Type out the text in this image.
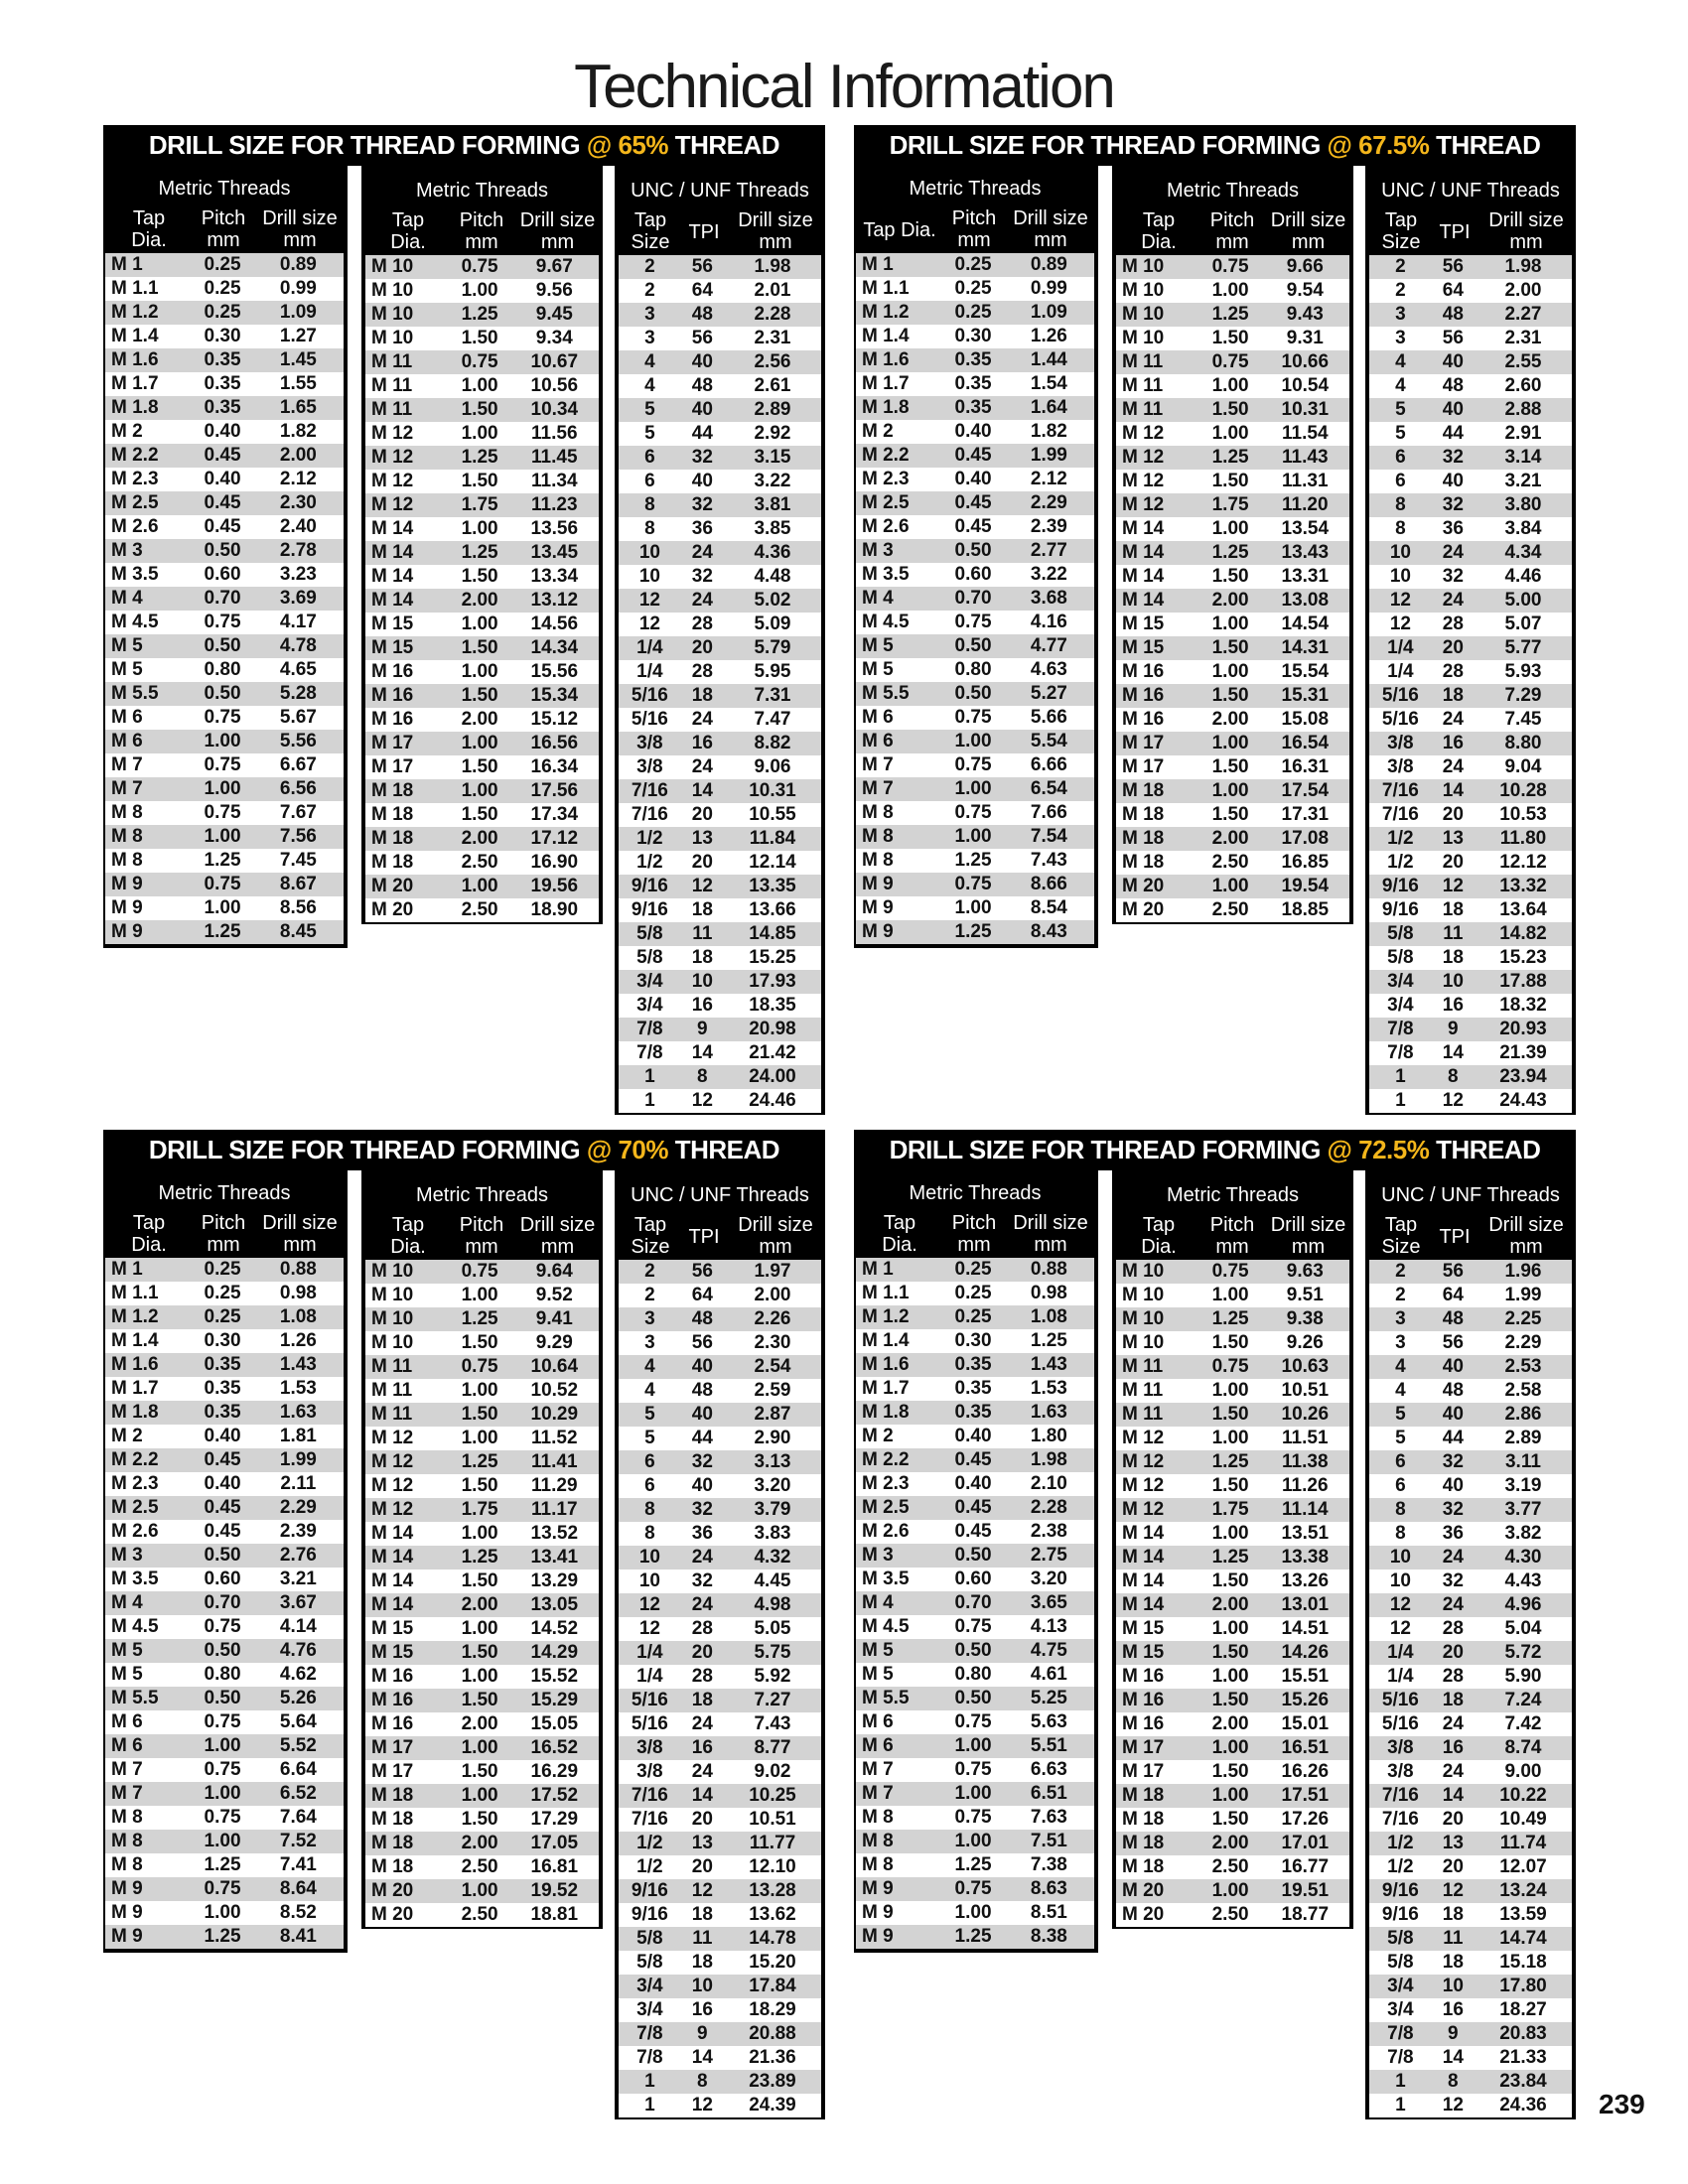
Technical Information
DRILL SIZE FOR THREAD FORMING @ 65% THREAD
Metric Threads
Tap
Dia.
Pitch
mm
Drill size
mm
M 1	0.25	0.89
M 1.1	0.25	0.99
M 1.2	0.25	1.09
M 1.4	0.30	1.27
M 1.6	0.35	1.45
M 1.7	0.35	1.55
M 1.8	0.35	1.65
M 2	0.40	1.82
M 2.2	0.45	2.00
M 2.3	0.40	2.12
M 2.5	0.45	2.30
M 2.6	0.45	2.40
M 3	0.50	2.78
M 3.5	0.60	3.23
M 4	0.70	3.69
M 4.5	0.75	4.17
M 5	0.50	4.78
M 5	0.80	4.65
M 5.5	0.50	5.28
M 6	0.75	5.67
M 6	1.00	5.56
M 7	0.75	6.67
M 7	1.00	6.56
M 8	0.75	7.67
M 8	1.00	7.56
M 8	1.25	7.45
M 9	0.75	8.67
M 9	1.00	8.56
M 9	1.25	8.45
Metric Threads
Tap
Dia.
Pitch
mm
Drill size
mm
M 10	0.75	9.67
M 10	1.00	9.56
M 10	1.25	9.45
M 10	1.50	9.34
M 11	0.75	10.67
M 11	1.00	10.56
M 11	1.50	10.34
M 12	1.00	11.56
M 12	1.25	11.45
M 12	1.50	11.34
M 12	1.75	11.23
M 14	1.00	13.56
M 14	1.25	13.45
M 14	1.50	13.34
M 14	2.00	13.12
M 15	1.00	14.56
M 15	1.50	14.34
M 16	1.00	15.56
M 16	1.50	15.34
M 16	2.00	15.12
M 17	1.00	16.56
M 17	1.50	16.34
M 18	1.00	17.56
M 18	1.50	17.34
M 18	2.00	17.12
M 18	2.50	16.90
M 20	1.00	19.56
M 20	2.50	18.90
UNC / UNF Threads
Tap
Size TPI
Drill size
mm
2	56	1.98
2	64	2.01
3	48	2.28
3	56	2.31
4	40	2.56
4	48	2.61
5	40	2.89
5	44	2.92
6	32	3.15
6	40	3.22
8	32	3.81
8	36	3.85
10	24	4.36
10	32	4.48
12	24	5.02
12	28	5.09
1/4	20	5.79
1/4	28	5.95
5/16	18	7.31
5/16	24	7.47
3/8	16	8.82
3/8	24	9.06
7/16	14	10.31
7/16	20	10.55
1/2	13	11.84
1/2	20	12.14
9/16	12	13.35
9/16	18	13.66
5/8	11	14.85
5/8	18	15.25
3/4	10	17.93
3/4	16	18.35
7/8	9	20.98
7/8	14	21.42
1	8	24.00
1	12	24.46
DRILL SIZE FOR THREAD FORMING @ 67.5% THREAD
Metric Threads
Tap Dia.
Pitch
mm
Drill size
mm
M 1	0.25	0.89
M 1.1	0.25	0.99
M 1.2	0.25	1.09
M 1.4	0.30	1.26
M 1.6	0.35	1.44
M 1.7	0.35	1.54
M 1.8	0.35	1.64
M 2	0.40	1.82
M 2.2	0.45	1.99
M 2.3	0.40	2.12
M 2.5	0.45	2.29
M 2.6	0.45	2.39
M 3	0.50	2.77
M 3.5	0.60	3.22
M 4	0.70	3.68
M 4.5	0.75	4.16
M 5	0.50	4.77
M 5	0.80	4.63
M 5.5	0.50	5.27
M 6	0.75	5.66
M 6	1.00	5.54
M 7	0.75	6.66
M 7	1.00	6.54
M 8	0.75	7.66
M 8	1.00	7.54
M 8	1.25	7.43
M 9	0.75	8.66
M 9	1.00	8.54
M 9	1.25	8.43
Metric Threads
Tap
Dia.
Pitch
mm
Drill size
mm
M 10	0.75	9.66
M 10	1.00	9.54
M 10	1.25	9.43
M 10	1.50	9.31
M 11	0.75	10.66
M 11	1.00	10.54
M 11	1.50	10.31
M 12	1.00	11.54
M 12	1.25	11.43
M 12	1.50	11.31
M 12	1.75	11.20
M 14	1.00	13.54
M 14	1.25	13.43
M 14	1.50	13.31
M 14	2.00	13.08
M 15	1.00	14.54
M 15	1.50	14.31
M 16	1.00	15.54
M 16	1.50	15.31
M 16	2.00	15.08
M 17	1.00	16.54
M 17	1.50	16.31
M 18	1.00	17.54
M 18	1.50	17.31
M 18	2.00	17.08
M 18	2.50	16.85
M 20	1.00	19.54
M 20	2.50	18.85
UNC / UNF Threads
Tap
Size TPI
Drill size
mm
2	56	1.98
2	64	2.00
3	48	2.27
3	56	2.31
4	40	2.55
4	48	2.60
5	40	2.88
5	44	2.91
6	32	3.14
6	40	3.21
8	32	3.80
8	36	3.84
10	24	4.34
10	32	4.46
12	24	5.00
12	28	5.07
1/4	20	5.77
1/4	28	5.93
5/16	18	7.29
5/16	24	7.45
3/8	16	8.80
3/8	24	9.04
7/16	14	10.28
7/16	20	10.53
1/2	13	11.80
1/2	20	12.12
9/16	12	13.32
9/16	18	13.64
5/8	11	14.82
5/8	18	15.23
3/4	10	17.88
3/4	16	18.32
7/8	9	20.93
7/8	14	21.39
1	8	23.94
1	12	24.43
DRILL SIZE FOR THREAD FORMING @ 70% THREAD
Metric Threads
Tap
Dia.
Pitch
mm
Drill size
mm
M 1	0.25	0.88
M 1.1	0.25	0.98
M 1.2	0.25	1.08
M 1.4	0.30	1.26
M 1.6	0.35	1.43
M 1.7	0.35	1.53
M 1.8	0.35	1.63
M 2	0.40	1.81
M 2.2	0.45	1.99
M 2.3	0.40	2.11
M 2.5	0.45	2.29
M 2.6	0.45	2.39
M 3	0.50	2.76
M 3.5	0.60	3.21
M 4	0.70	3.67
M 4.5	0.75	4.14
M 5	0.50	4.76
M 5	0.80	4.62
M 5.5	0.50	5.26
M 6	0.75	5.64
M 6	1.00	5.52
M 7	0.75	6.64
M 7	1.00	6.52
M 8	0.75	7.64
M 8	1.00	7.52
M 8	1.25	7.41
M 9	0.75	8.64
M 9	1.00	8.52
M 9	1.25	8.41
Metric Threads
Tap
Dia.
Pitch
mm
Drill size
mm
M 10	0.75	9.64
M 10	1.00	9.52
M 10	1.25	9.41
M 10	1.50	9.29
M 11	0.75	10.64
M 11	1.00	10.52
M 11	1.50	10.29
M 12	1.00	11.52
M 12	1.25	11.41
M 12	1.50	11.29
M 12	1.75	11.17
M 14	1.00	13.52
M 14	1.25	13.41
M 14	1.50	13.29
M 14	2.00	13.05
M 15	1.00	14.52
M 15	1.50	14.29
M 16	1.00	15.52
M 16	1.50	15.29
M 16	2.00	15.05
M 17	1.00	16.52
M 17	1.50	16.29
M 18	1.00	17.52
M 18	1.50	17.29
M 18	2.00	17.05
M 18	2.50	16.81
M 20	1.00	19.52
M 20	2.50	18.81
UNC / UNF Threads
Tap
Size TPI
Drill size
mm
2	56	1.97
2	64	2.00
3	48	2.26
3	56	2.30
4	40	2.54
4	48	2.59
5	40	2.87
5	44	2.90
6	32	3.13
6	40	3.20
8	32	3.79
8	36	3.83
10	24	4.32
10	32	4.45
12	24	4.98
12	28	5.05
1/4	20	5.75
1/4	28	5.92
5/16	18	7.27
5/16	24	7.43
3/8	16	8.77
3/8	24	9.02
7/16	14	10.25
7/16	20	10.51
1/2	13	11.77
1/2	20	12.10
9/16	12	13.28
9/16	18	13.62
5/8	11	14.78
5/8	18	15.20
3/4	10	17.84
3/4	16	18.29
7/8	9	20.88
7/8	14	21.36
1	8	23.89
1	12	24.39
DRILL SIZE FOR THREAD FORMING @ 72.5% THREAD
Metric Threads
Tap
Dia.
Pitch
mm
Drill size
mm
M 1	0.25	0.88
M 1.1	0.25	0.98
M 1.2	0.25	1.08
M 1.4	0.30	1.25
M 1.6	0.35	1.43
M 1.7	0.35	1.53
M 1.8	0.35	1.63
M 2	0.40	1.80
M 2.2	0.45	1.98
M 2.3	0.40	2.10
M 2.5	0.45	2.28
M 2.6	0.45	2.38
M 3	0.50	2.75
M 3.5	0.60	3.20
M 4	0.70	3.65
M 4.5	0.75	4.13
M 5	0.50	4.75
M 5	0.80	4.61
M 5.5	0.50	5.25
M 6	0.75	5.63
M 6	1.00	5.51
M 7	0.75	6.63
M 7	1.00	6.51
M 8	0.75	7.63
M 8	1.00	7.51
M 8	1.25	7.38
M 9	0.75	8.63
M 9	1.00	8.51
M 9	1.25	8.38
Metric Threads
Tap
Dia.
Pitch
mm
Drill size
mm
M 10	0.75	9.63
M 10	1.00	9.51
M 10	1.25	9.38
M 10	1.50	9.26
M 11	0.75	10.63
M 11	1.00	10.51
M 11	1.50	10.26
M 12	1.00	11.51
M 12	1.25	11.38
M 12	1.50	11.26
M 12	1.75	11.14
M 14	1.00	13.51
M 14	1.25	13.38
M 14	1.50	13.26
M 14	2.00	13.01
M 15	1.00	14.51
M 15	1.50	14.26
M 16	1.00	15.51
M 16	1.50	15.26
M 16	2.00	15.01
M 17	1.00	16.51
M 17	1.50	16.26
M 18	1.00	17.51
M 18	1.50	17.26
M 18	2.00	17.01
M 18	2.50	16.77
M 20	1.00	19.51
M 20	2.50	18.77
UNC / UNF Threads
Tap
Size TPI
Drill size
mm
2	56	1.96
2	64	1.99
3	48	2.25
3	56	2.29
4	40	2.53
4	48	2.58
5	40	2.86
5	44	2.89
6	32	3.11
6	40	3.19
8	32	3.77
8	36	3.82
10	24	4.30
10	32	4.43
12	24	4.96
12	28	5.04
1/4	20	5.72
1/4	28	5.90
5/16	18	7.24
5/16	24	7.42
3/8	16	8.74
3/8	24	9.00
7/16	14	10.22
7/16	20	10.49
1/2	13	11.74
1/2	20	12.07
9/16	12	13.24
9/16	18	13.59
5/8	11	14.74
5/8	18	15.18
3/4	10	17.80
3/4	16	18.27
7/8	9	20.83
7/8	14	21.33
1	8	23.84
1	12	24.36	239
